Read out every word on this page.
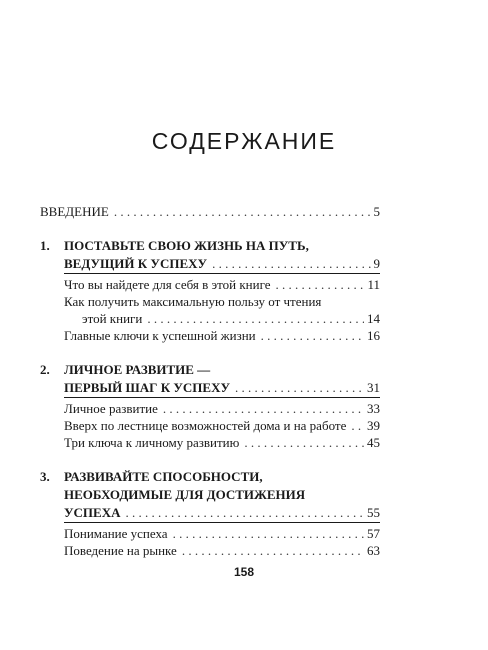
СОДЕРЖАНИЕ
ВВЕДЕНИЕ . . .	5
1. ПОСТАВЬТЕ СВОЮ ЖИЗНЬ НА ПУТЬ,
ВЕДУЩИЙ К УСПЕХУ . . .	9
Что вы найдете для себя в этой книге . . .	11
Как получить максимальную пользу от чтения
этой книги . . .	14
Главные ключи к успешной жизни . . .	16
2. ЛИЧНОЕ РАЗВИТИЕ —
ПЕРВЫЙ ШАГ К УСПЕХУ . . .	31
Личное развитие . . .	33
Вверх по лестнице возможностей дома и на работе . . . 39
Три ключа к личному развитию . . .	45
3. РАЗВИВАЙТЕ СПОСОБНОСТИ,
НЕОБХОДИМЫЕ ДЛЯ ДОСТИЖЕНИЯ
УСПЕХА . . .	55
Понимание успеха . . .	57
Поведение на рынке . . .	63
158
